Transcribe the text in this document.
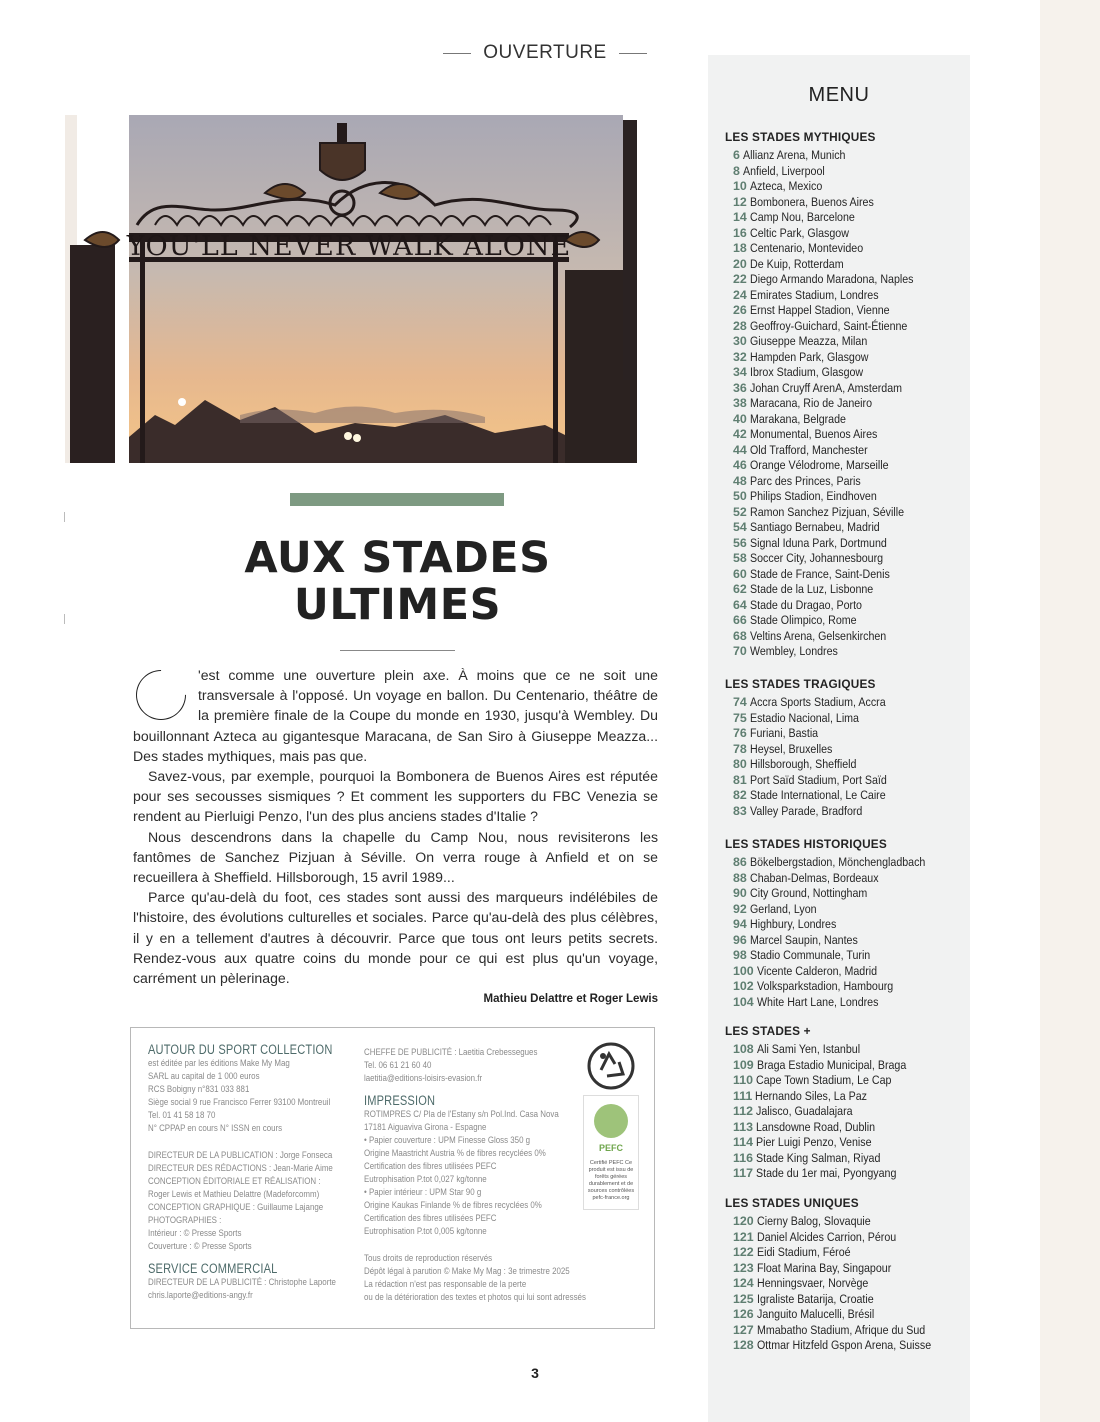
OUVERTURE
YOU'LL NEVER WALK ALONE
AUX STADES
ULTIMES

'est comme une ouverture plein axe. À moins que ce ne soit une transversale à l'opposé. Un voyage en ballon. Du Centenario, théâtre de la première finale de la Coupe du monde en 1930, jusqu'à Wembley. Du bouillonnant Azteca au gigantesque Maracana, de San Siro à Giuseppe Meazza... Des stades mythiques, mais pas que.

Savez-vous, par exemple, pourquoi la Bombonera de Buenos Aires est réputée pour ses secousses sismiques ? Et comment les supporters du FBC Venezia se rendent au Pierluigi Penzo, l'un des plus anciens stades d'Italie ?

Nous descendrons dans la chapelle du Camp Nou, nous revisiterons les fantômes de Sanchez Pizjuan à Séville. On verra rouge à Anfield et on se recueillera à Sheffield. Hillsborough, 15 avril 1989...

Parce qu'au-delà du foot, ces stades sont aussi des marqueurs indélébiles de l'histoire, des évolutions culturelles et sociales. Parce qu'au-delà des plus célèbres, il y en a tellement d'autres à découvrir. Parce que tous ont leurs petits secrets. Rendez-vous aux quatre coins du monde pour ce qui est plus qu'un voyage, carrément un pèlerinage.

Mathieu Delattre et Roger Lewis
AUTOUR DU SPORT COLLECTION
est éditée par les éditions Make My Mag
SARL au capital de 1 000 euros
RCS Bobigny n°831 033 881
Siège social 9 rue Francisco Ferrer 93100 Montreuil
Tel. 01 41 58 18 70
N° CPPAP en cours N° ISSN en cours
DIRECTEUR DE LA PUBLICATION : Jorge Fonseca
DIRECTEUR DES RÉDACTIONS : Jean-Marie Aime
CONCEPTION ÉDITORIALE ET RÉALISATION :
Roger Lewis et Mathieu Delattre (Madeforcomm)
CONCEPTION GRAPHIQUE : Guillaume Lajange
PHOTOGRAPHIES :
Intérieur : © Presse Sports
Couverture : © Presse Sports
SERVICE COMMERCIAL
DIRECTEUR DE LA PUBLICITÉ : Christophe Laporte
chris.laporte@editions-angy.fr
CHEFFE DE PUBLICITÉ : Laetitia Crebessegues
Tel. 06 61 21 60 40
laetitia@editions-loisirs-evasion.fr
IMPRESSION
ROTIMPRES C/ Pla de l'Estany s/n Pol.Ind. Casa Nova
17181 Aiguaviva Girona - Espagne
• Papier couverture : UPM Finesse Gloss 350 g
Origine Maastricht Austria % de fibres recyclées 0%
Certification des fibres utilisées PEFC
Eutrophisation P.tot 0,027 kg/tonne
• Papier intérieur : UPM Star 90 g
Origine Kaukas Finlande % de fibres recyclées 0%
Certification des fibres utilisées PEFC
Eutrophisation P.tot 0,005 kg/tonne
Tous droits de reproduction réservés
Dépôt légal à parution © Make My Mag : 3e trimestre 2025
La rédaction n'est pas responsable de la perte
ou de la détérioration des textes et photos qui lui sont adressés
PEFC
Certifié PEFC Ce produit est issu de forêts gérées durablement et de sources contrôlées pefc-france.org
3
MENU
LES STADES MYTHIQUES
6 Allianz Arena, Munich
8 Anfield, Liverpool
10 Azteca, Mexico
12 Bombonera, Buenos Aires
14 Camp Nou, Barcelone
16 Celtic Park, Glasgow
18 Centenario, Montevideo
20 De Kuip, Rotterdam
22 Diego Armando Maradona, Naples
24 Emirates Stadium, Londres
26 Ernst Happel Stadion, Vienne
28 Geoffroy-Guichard, Saint-Étienne
30 Giuseppe Meazza, Milan
32 Hampden Park, Glasgow
34 Ibrox Stadium, Glasgow
36 Johan Cruyff ArenA, Amsterdam
38 Maracana, Rio de Janeiro
40 Marakana, Belgrade
42 Monumental, Buenos Aires
44 Old Trafford, Manchester
46 Orange Vélodrome, Marseille
48 Parc des Princes, Paris
50 Philips Stadion, Eindhoven
52 Ramon Sanchez Pizjuan, Séville
54 Santiago Bernabeu, Madrid
56 Signal Iduna Park, Dortmund
58 Soccer City, Johannesbourg
60 Stade de France, Saint-Denis
62 Stade de la Luz, Lisbonne
64 Stade du Dragao, Porto
66 Stade Olimpico, Rome
68 Veltins Arena, Gelsenkirchen
70 Wembley, Londres
LES STADES TRAGIQUES
74 Accra Sports Stadium, Accra
75 Estadio Nacional, Lima
76 Furiani, Bastia
78 Heysel, Bruxelles
80 Hillsborough, Sheffield
81 Port Saïd Stadium, Port Saïd
82 Stade International, Le Caire
83 Valley Parade, Bradford
LES STADES HISTORIQUES
86 Bökelbergstadion, Mönchengladbach
88 Chaban-Delmas, Bordeaux
90 City Ground, Nottingham
92 Gerland, Lyon
94 Highbury, Londres
96 Marcel Saupin, Nantes
98 Stadio Communale, Turin
100 Vicente Calderon, Madrid
102 Volksparkstadion, Hambourg
104 White Hart Lane, Londres
LES STADES +
108 Ali Sami Yen, Istanbul
109 Braga Estadio Municipal, Braga
110 Cape Town Stadium, Le Cap
111 Hernando Siles, La Paz
112 Jalisco, Guadalajara
113 Lansdowne Road, Dublin
114 Pier Luigi Penzo, Venise
116 Stade King Salman, Riyad
117 Stade du 1er mai, Pyongyang
LES STADES UNIQUES
120 Cierny Balog, Slovaquie
121 Daniel Alcides Carrion, Pérou
122 Eidi Stadium, Féroé
123 Float Marina Bay, Singapour
124 Henningsvaer, Norvège
125 Igraliste Batarija, Croatie
126 Janguito Malucelli, Brésil
127 Mmabatho Stadium, Afrique du Sud
128 Ottmar Hitzfeld Gspon Arena, Suisse
